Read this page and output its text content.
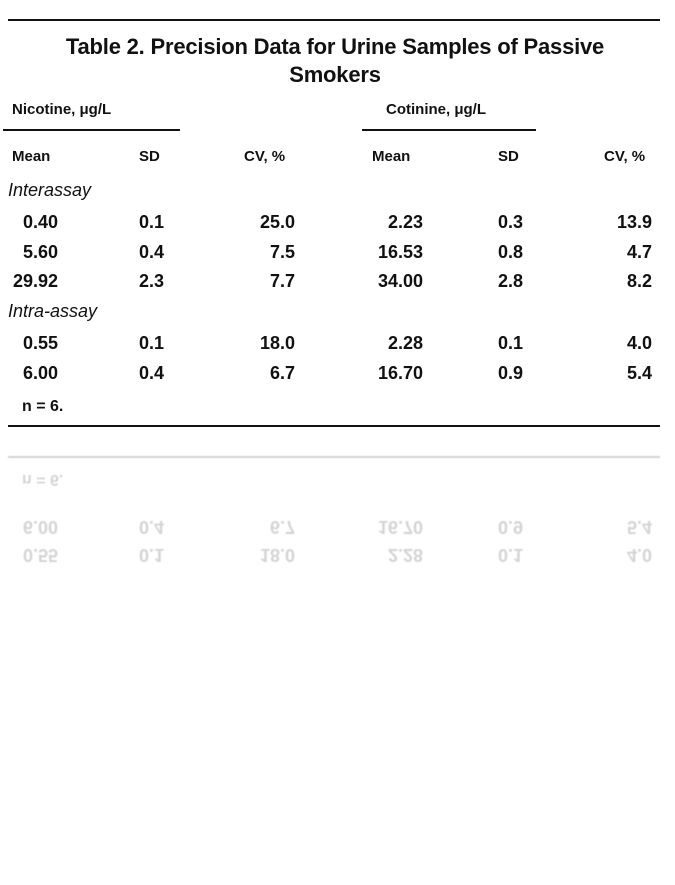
Table 2. Precision Data for Urine Samples of Passive
Smokers
Nicotine, μg/L	Cotinine, μg/L
Mean	SD	CV, %	Mean	SD	CV, %
Interassay
0.40	0.1	25.0	2.23	0.3	13.9
5.60	0.4	7.5	16.53	0.8	4.7
29.92	2.3	7.7	34.00	2.8	8.2
Intra-assay
0.55	0.1	18.0	2.28	0.1	4.0
6.00	0.4	6.7	16.70	0.9	5.4
n = 6.
n = 6.
6.00	0.4	6.7	16.70	0.9	5.4
0.55	0.1	18.0	2.28	0.1	4.0
